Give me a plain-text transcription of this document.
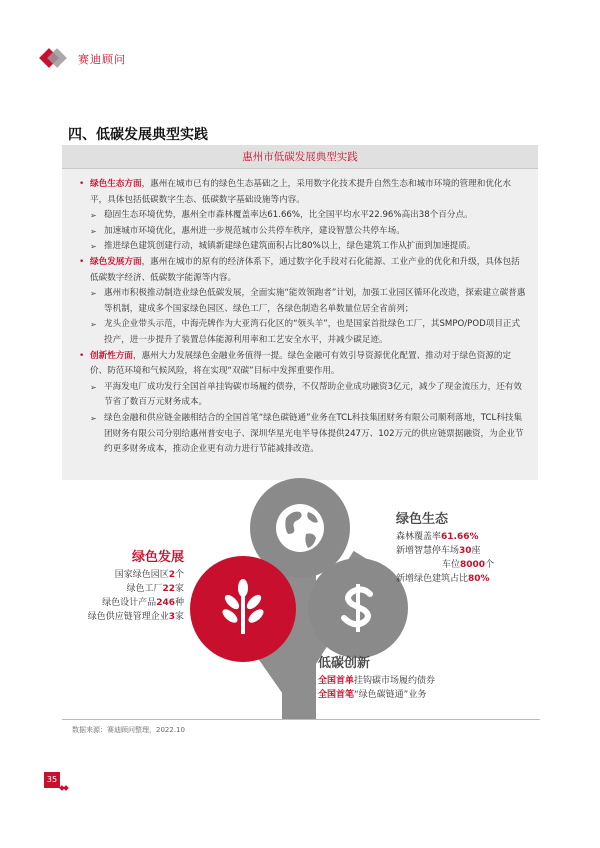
赛迪顾问
四、低碳发展典型实践
惠州市低碳发展典型实践
• 绿色生态方面，惠州在城市已有的绿色生态基础之上，采用数字化技术提升自然生态和城市环境的管理和优化水平，具体包括低碳数字生态、低碳数字基础设施等内容。
➢ 稳固生态环境优势，惠州全市森林覆盖率达61.66%，比全国平均水平22.96%高出38个百分点。
➢ 加速城市环境优化，惠州进一步规范城市公共停车秩序，建设智慧公共停车场。
➢ 推进绿色建筑创建行动，城镇新建绿色建筑面积占比80%以上，绿色建筑工作从扩面到加速提质。
• 绿色发展方面，惠州在城市的原有的经济体系下，通过数字化手段对石化能源、工业产业的优化和升级，具体包括低碳数字经济、低碳数字能源等内容。
➢ 惠州市积极推动制造业绿色低碳发展，全面实施“能效领跑者”计划，加强工业园区循环化改造，探索建立碳普惠等机制，建成多个国家绿色园区、绿色工厂，各绿色制造名单数量位居全省前列；
➢ 龙头企业带头示范，中海壳牌作为大亚湾石化区的“领头羊”，也是国家首批绿色工厂，其SMPO/POD项目正式投产，进一步提升了装置总体能源利用率和工艺安全水平，并减少碳足迹。
• 创新性方面，惠州大力发展绿色金融业务值得一提。绿色金融可有效引导资源优化配置、推动对于绿色资源的定价、防范环境和气候风险，将在实现“双碳”目标中发挥重要作用。
➢ 平海发电厂成功发行全国首单挂钩碳市场履约债券，不仅帮助企业成功融资3亿元，减少了现金流压力，还有效节省了数百万元财务成本。
➢ 绿色金融和供应链金融相结合的全国首笔“绿色碳链通”业务在TCL科技集团财务有限公司顺利落地，TCL科技集团财务有限公司分别给惠州普安电子、深圳华星光电半导体提供247万、102万元的供应链票据融资，为企业节约更多财务成本，推动企业更有动力进行节能减排改造。
绿色生态
森林覆盖率61.66%
新增智慧停车场30座
车位8000个
新增绿色建筑占比80%
绿色发展
国家绿色园区2个
绿色工厂22家
绿色设计产品246种
绿色供应链管理企业3家
低碳创新
全国首单挂钩碳市场履约债券
全国首笔“绿色碳链通”业务
数据来源：赛迪顾问整理，2022.10
35
